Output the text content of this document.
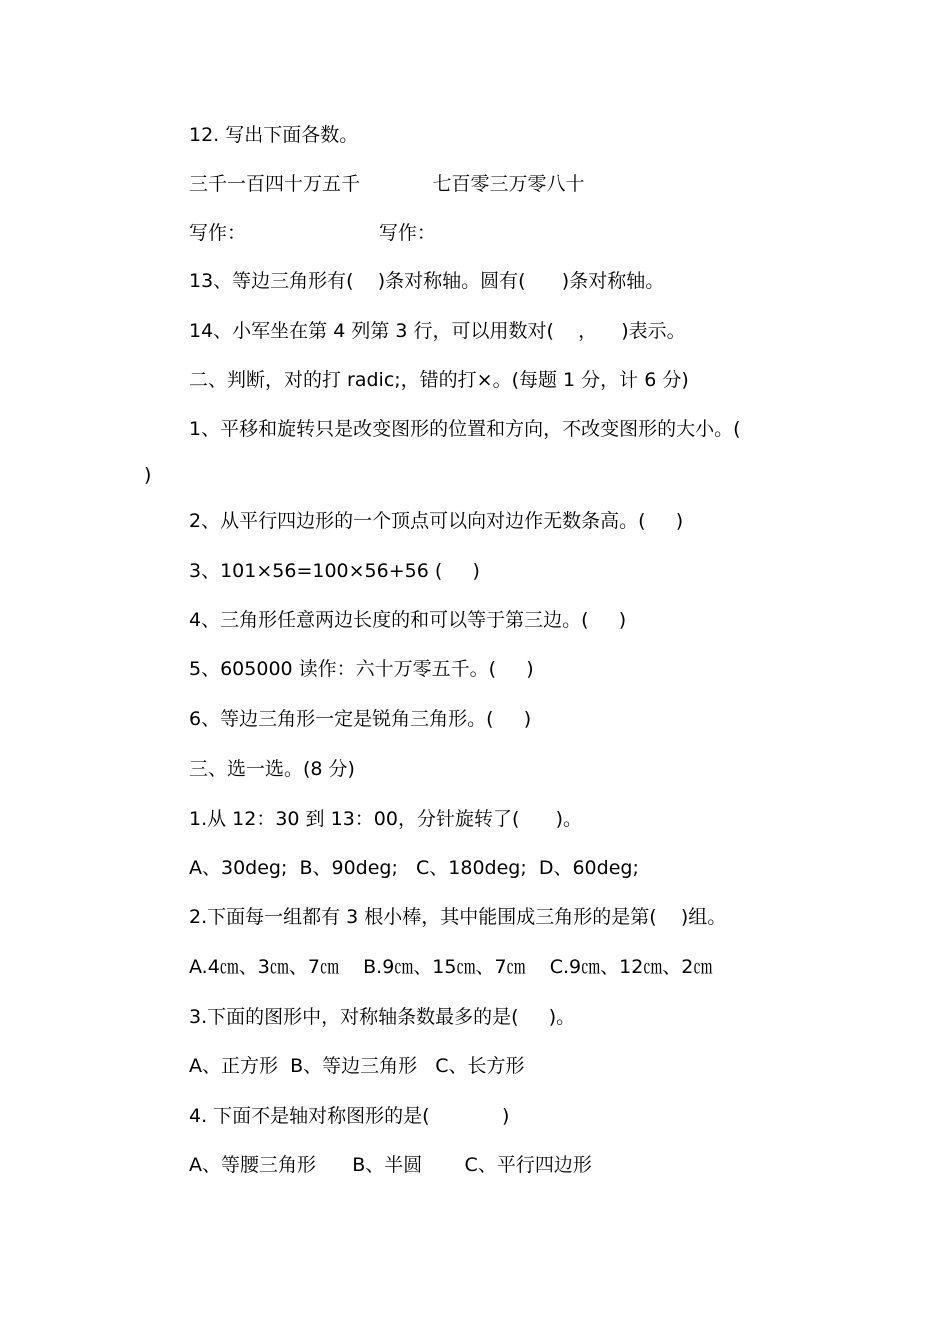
12. 写出下面各数。
三千一百四十万五千            七百零三万零八十
写作：                      写作：
13、等边三角形有(    )条对称轴。圆有(      )条对称轴。
14、小军坐在第 4 列第 3 行，可以用数对(    ，    )表示。
二、判断，对的打 radic;，错的打×。(每题 1 分，计 6 分)
1、平移和旋转只是改变图形的位置和方向，不改变图形的大小。(
)
2、从平行四边形的一个顶点可以向对边作无数条高。(     )
3、101×56=100×56+56 (     )
4、三角形任意两边长度的和可以等于第三边。(     )
5、605000 读作：六十万零五千。(     )
6、等边三角形一定是锐角三角形。(     )
三、选一选。(8 分)
1.从 12：30 到 13：00，分针旋转了(      )。
A、30deg;  B、90deg;   C、180deg;  D、60deg;
2.下面每一组都有 3 根小棒，其中能围成三角形的是第(    )组。
A.4㎝、3㎝、7㎝    B.9㎝、15㎝、7㎝    C.9㎝、12㎝、2㎝
3.下面的图形中，对称轴条数最多的是(     )。
A、正方形  B、等边三角形   C、长方形
4. 下面不是轴对称图形的是(            )
A、等腰三角形      B、半圆       C、平行四边形
